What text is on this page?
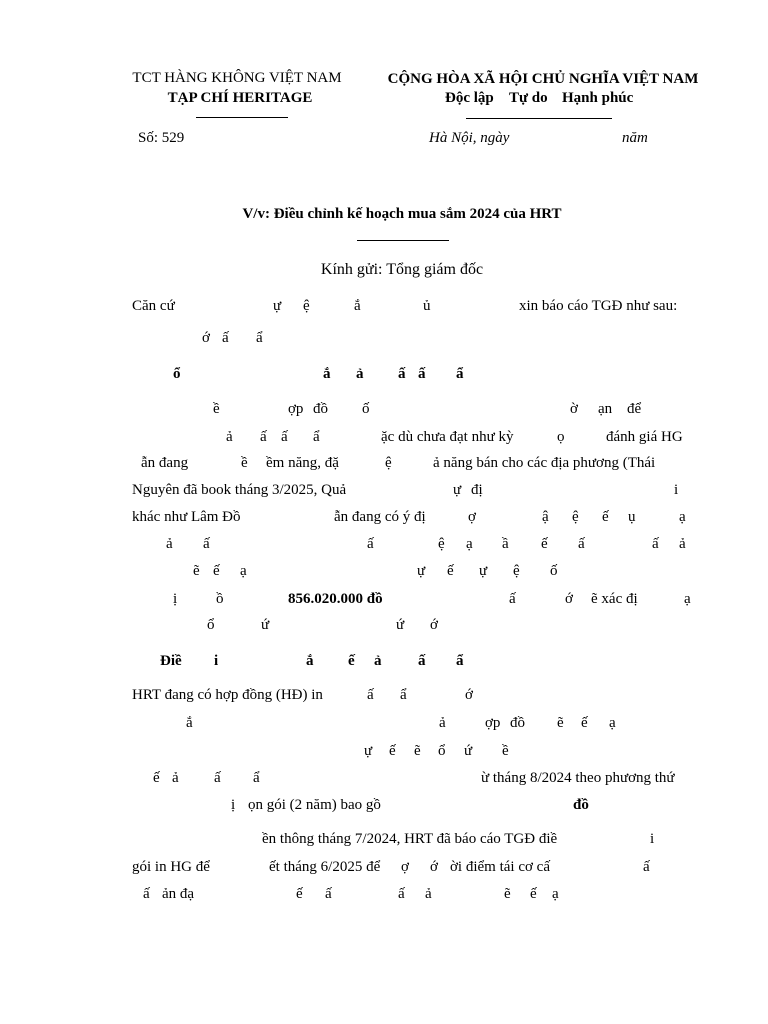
TCT HÀNG KHÔNG VIỆT NAM
TẠP CHÍ HERITAGE
CỘNG HÒA XÃ HỘI CHỦ NGHĨA VIỆT NAM
Độc lập Tự do Hạnh phúc
Số: 529	Hà Nội, ngày	năm
V/v: Điều chỉnh kế hoạch mua sắm 2024 của HRT
Kính gửi: Tổng giám đốc
Căn cứ	ự ệ	ắ	ủ	xin báo cáo TGĐ như sau:
ớ ấ ẩ
ổ	ắ ả ấ ấ ẩ
ề	ợp đồ ố	ờ ạn để
ả ấ ấ ẩ	ặc dù chưa đạt như kỳ	ọ	đánh giá HG
ẫn đang	ề ềm năng, đặ	ệ	ả năng bán cho các địa phương (Thái
Nguyên đã book tháng 3/2025, Quả	ự đị	i
khác như Lâm Đồ	ẫn đang có ý đị	ợ	ậ ệ ế ụ	ạ
ả ấ	ấ	ệ ạ ầ ế ấ	ấ ả
ẽ ế ạ	ự ế ự ệ ố
ị	ồ	856.020.000 đồ	ấ	ớ ẽ xác đị	ạ
ổ	ứ	ứ ớ
Điề i	ắ ế ả ấ ẩ
HRT đang có hợp đồng (HĐ) in	ấ ẩ	ớ
ắ	ả	ợp đồ ẽ ế ạ
ự ế ẽ ổ ứ ề
ế ả ấ ẩ	ừ tháng 8/2024 theo phương thứ
ị ọn gói (2 năm) bao gồ	đồ
ền thông tháng 7/2024, HRT đã báo cáo TGĐ điề	i
gói in HG để	ết tháng 6/2025 để ợ ớ ời điểm tái cơ cấ	ấ
ấ ản đạ	ế ấ	ấ ả	ẽ ế ạ
